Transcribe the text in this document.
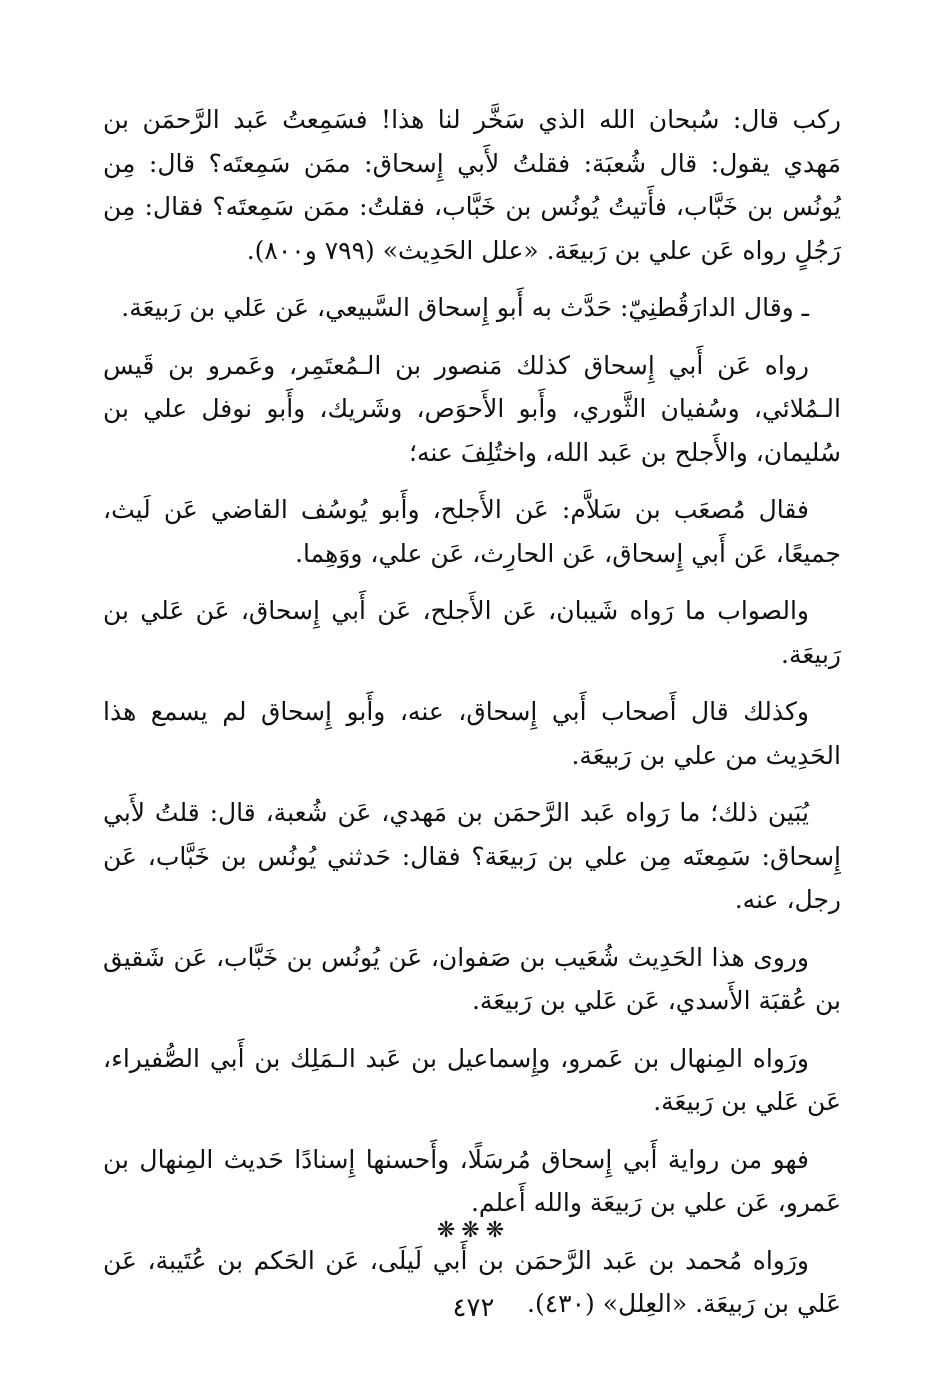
ركب قال: سُبحان الله الذي سَخَّر لنا هذا! فسَمِعتُ عَبد الرَّحمَن بن مَهدي يقول: قال شُعبَة: فقلتُ لأَبي إِسحاق: ممَن سَمِعتَه؟ قال: مِن يُونُس بن خَبَّاب، فأَتيتُ يُونُس بن خَبَّاب، فقلتُ: ممَن سَمِعتَه؟ فقال: مِن رَجُلٍ رواه عَن علي بن رَبيعَة. «علل الحَدِيث» (٧٩٩ و٨٠٠).

ـ وقال الدارَقُطنِيّ: حَدَّث به أَبو إِسحاق السَّبيعي، عَن عَلي بن رَبيعَة.

رواه عَن أَبي إِسحاق كذلك مَنصور بن الـمُعتَمِر، وعَمرو بن قَيس الـمُلائي، وسُفيان الثَّوري، وأَبو الأَحوَص، وشَريك، وأَبو نوفل علي بن سُليمان، والأَجلح بن عَبد الله، واختُلِفَ عنه؛

فقال مُصعَب بن سَلاَّم: عَن الأَجلح، وأَبو يُوسُف القاضي عَن لَيث، جميعًا، عَن أَبي إِسحاق، عَن الحارِث، عَن علي، ووَهِما.

والصواب ما رَواه شَيبان، عَن الأَجلح، عَن أَبي إِسحاق، عَن عَلي بن رَبيعَة.

وكذلك قال أَصحاب أَبي إِسحاق، عنه، وأَبو إِسحاق لم يسمع هذا الحَدِيث من علي بن رَبيعَة.

يُبَين ذلك؛ ما رَواه عَبد الرَّحمَن بن مَهدي، عَن شُعبة، قال: قلتُ لأَبي إِسحاق: سَمِعتَه مِن علي بن رَبيعَة؟ فقال: حَدثني يُونُس بن خَبَّاب، عَن رجل، عنه.

وروى هذا الحَدِيث شُعَيب بن صَفوان، عَن يُونُس بن خَبَّاب، عَن شَقيق بن عُقبَة الأَسدي، عَن عَلي بن رَبيعَة.

ورَواه المِنهال بن عَمرو، وإِسماعيل بن عَبد الـمَلِك بن أَبي الصُّفيراء، عَن عَلي بن رَبيعَة.

فهو من رواية أَبي إِسحاق مُرسَلًا، وأَحسنها إِسنادًا حَديث المِنهال بن عَمرو، عَن علي بن رَبيعَة والله أَعلم.

ورَواه مُحمد بن عَبد الرَّحمَن بن أَبي لَيلَى، عَن الحَكم بن عُتَيبة، عَن عَلي بن رَبيعَة. «العِلل» (٤٣٠).

❋❋❋
٤٧٢
